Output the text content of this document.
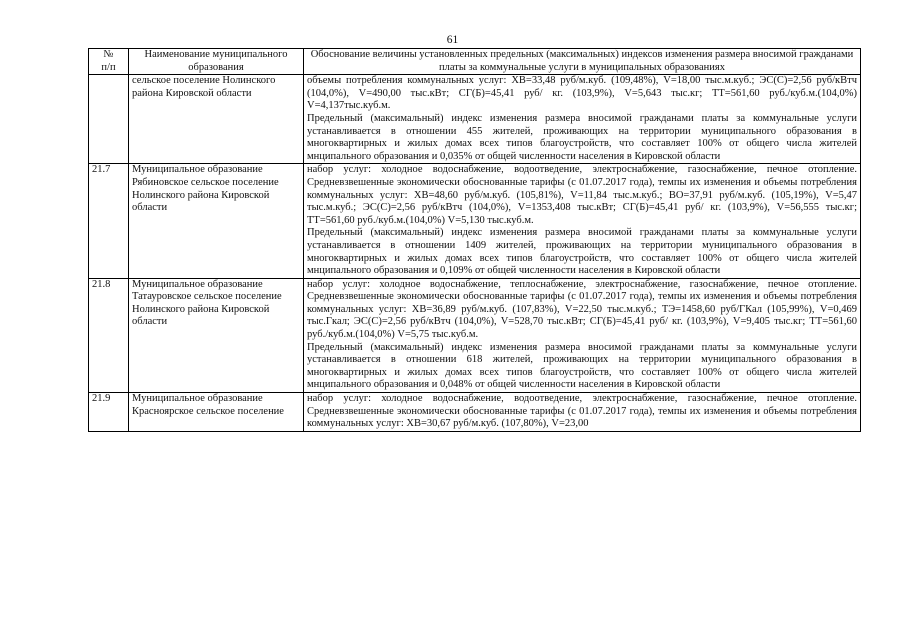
61
№
п/п	Наименование муниципального образования	Обоснование величины установленных предельных (максимальных) индексов изменения размера вносимой гражданами платы за коммунальные услуги в муниципальных образованиях
	сельское поселение Нолинского района Кировской области	объемы потребления коммунальных услуг: ХВ=33,48 руб/м.куб. (109,48%), V=18,00 тыс.м.куб.; ЭС(С)=2,56 руб/кВтч (104,0%), V=490,00 тыс.кВт; СГ(Б)=45,41 руб/ кг. (103,9%), V=5,643 тыс.кг; ТТ=561,60 руб./куб.м.(104,0%) V=4,137тыс.куб.м.
Предельный (максимальный) индекс изменения размера вносимой гражданами платы за коммунальные услуги устанавливается в отношении 455 жителей, проживающих на территории муниципального образования в многоквартирных и жилых домах всех типов благоустройств, что составляет 100% от общего числа жителей мнципального образования и 0,035% от общей численности населения в Кировской области

21.7	Муниципальное образование Рябиновское сельское поселение Нолинского района Кировской области	набор услуг: холодное водоснабжение, водоотведение, электроснабжение, газоснабжение, печное отопление. Средневзвешенные экономически обоснованные тарифы (с 01.07.2017 года), темпы их изменения и объемы потребления коммунальных услуг: ХВ=48,60 руб/м.куб. (105,81%), V=11,84 тыс.м.куб.; ВО=37,91 руб/м.куб. (105,19%), V=5,47 тыс.м.куб.; ЭС(С)=2,56 руб/кВтч (104,0%), V=1353,408 тыс.кВт; СГ(Б)=45,41 руб/ кг. (103,9%), V=56,555 тыс.кг; ТТ=561,60 руб./куб.м.(104,0%) V=5,130 тыс.куб.м.
Предельный (максимальный) индекс изменения размера вносимой гражданами платы за коммунальные услуги устанавливается в отношении 1409 жителей, проживающих на территории муниципального образования в многоквартирных и жилых домах всех типов благоустройств, что составляет 100% от общего числа жителей мнципального образования и 0,109% от общей численности населения в Кировской области

21.8	Муниципальное образование Татауровское сельское поселение Нолинского района Кировской области	набор услуг: холодное водоснабжение, теплоснабжение, электроснабжение, газоснабжение, печное отопление. Средневзвешенные экономически обоснованные тарифы (с 01.07.2017 года), темпы их изменения и объемы потребления коммунальных услуг: ХВ=36,89 руб/м.куб. (107,83%), V=22,50 тыс.м.куб.; ТЭ=1458,60 руб/ГКал (105,99%), V=0,469 тыс.Гкал; ЭС(С)=2,56 руб/кВтч (104,0%), V=528,70 тыс.кВт; СГ(Б)=45,41 руб/ кг. (103,9%), V=9,405 тыс.кг; ТТ=561,60 руб./куб.м.(104,0%) V=5,75 тыс.куб.м.
Предельный (максимальный) индекс изменения размера вносимой гражданами платы за коммунальные услуги устанавливается в отношении 618 жителей, проживающих на территории муниципального образования в многоквартирных и жилых домах всех типов благоустройств, что составляет 100% от общего числа жителей мнципального образования и 0,048% от общей численности населения в Кировской области

21.9	Муниципальное образование Красноярское сельское поселение	набор услуг: холодное водоснабжение, водоотведение, электроснабжение, газоснабжение, печное отопление. Средневзвешенные экономически обоснованные тарифы (с 01.07.2017 года), темпы их изменения и объемы потребления коммунальных услуг: ХВ=30,67 руб/м.куб. (107,80%), V=23,00
